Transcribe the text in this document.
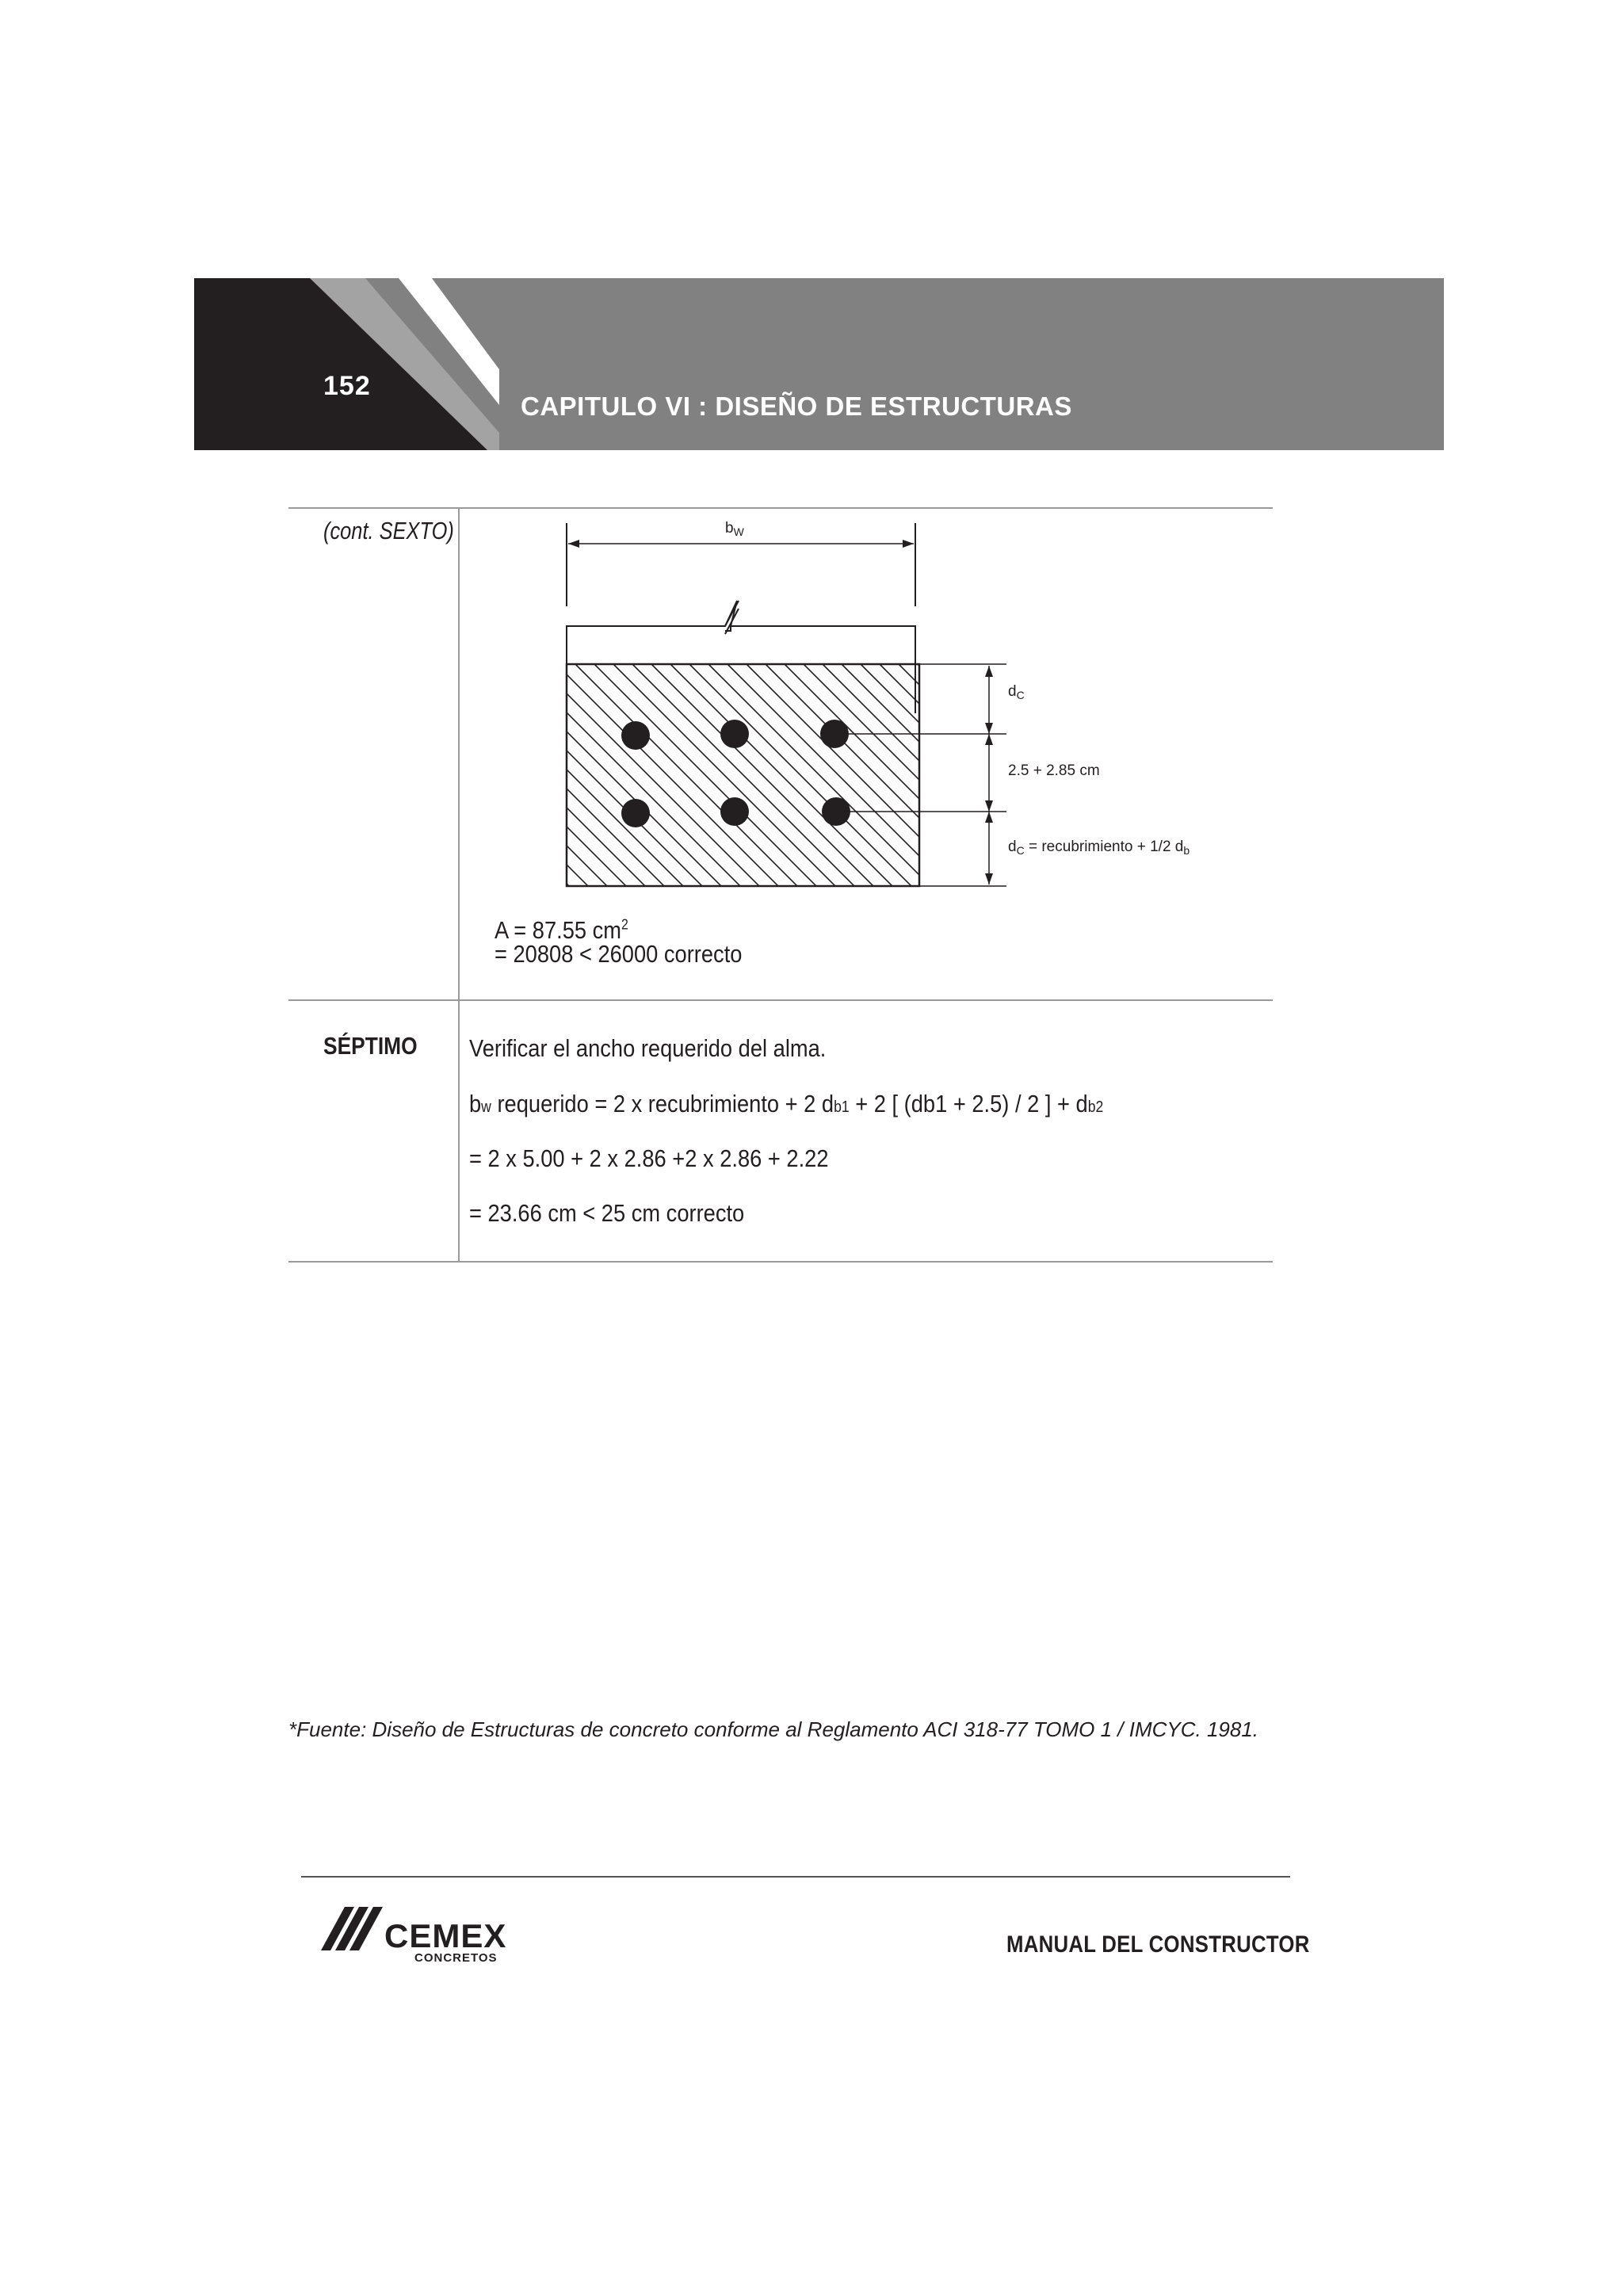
152
CAPITULO VI : DISEÑO DE ESTRUCTURAS
(cont. SEXTO)
SÉPTIMO
$b_W$
$d_C$
2.5 + 2.85 cm
$d_C$ = recubrimiento + 1/2 $d_b$
A = 87.55 $cm^2$
= 20808 < 26000 correcto
Verificar el ancho requerido del alma.
bw requerido = 2 x recubrimiento + 2 db1 + 2 [ (db1 + 2.5) / 2 ] + db2
= 2 x 5.00 + 2 x 2.86 +2 x 2.86 + 2.22
= 23.66 cm < 25 cm correcto
*Fuente: Diseño de Estructuras de concreto conforme al Reglamento ACI 318-77 TOMO 1 / IMCYC. 1981.
CEMEX
CONCRETOS
MANUAL DEL CONSTRUCTOR
